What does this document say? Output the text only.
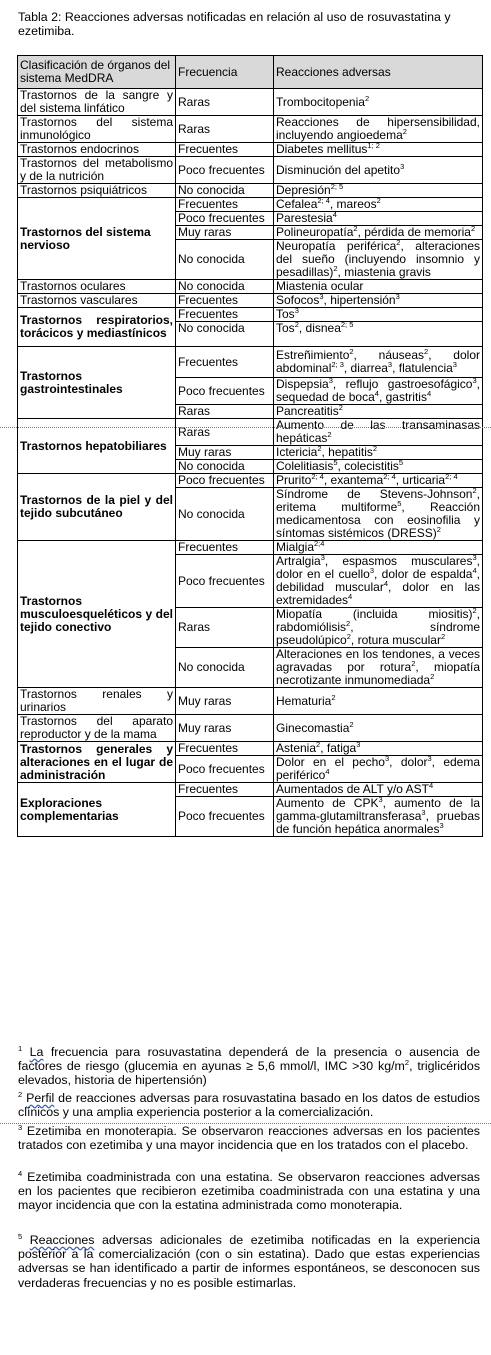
Tabla 2: Reacciones adversas notificadas en relación al uso de rosuvastatina y ezetimiba.
Clasificación de órganos del sistema MedDRA	Frecuencia	Reacciones adversas
Trastornos de la sangre y del sistema linfático	Raras	Trombocitopenia$^2$
Trastornos del sistema inmunológico	Raras	Reacciones de hipersensibilidad, incluyendo angioedema$^2$
Trastornos endocrinos	Frecuentes	Diabetes mellitus$^{1; 2}$
Trastornos del metabolismo y de la nutrición	Poco frecuentes	Disminución del apetito$^3$
Trastornos psiquiátricos	No conocida	Depresión$^{2; 5}$
Trastornos del sistema nervioso	Frecuentes	Cefalea$^{2; 4}$, mareos$^2$
	Poco frecuentes	Parestesia$^4$
	Muy raras	Polineuropatía$^2$, pérdida de memoria$^2$
	No conocida	Neuropatía periférica$^2$, alteraciones del sueño (incluyendo insomnio y pesadillas)$^2$, miastenia gravis
Trastornos oculares	No conocida	Miastenia ocular
Trastornos vasculares	Frecuentes	Sofocos$^3$, hipertensión$^3$
Trastornos respiratorios, torácicos y mediastínicos	Frecuentes	Tos$^3$
	No conocida	Tos$^2$, disnea$^{2; 5}$
Trastornos gastrointestinales	Frecuentes	Estreñimiento$^2$, náuseas$^2$, dolor abdominal$^{2; 3}$, diarrea$^3$, flatulencia$^3$
	Poco frecuentes	Dispepsia$^3$, reflujo gastroesofágico$^3$, sequedad de boca$^4$, gastritis$^4$
	Raras	Pancreatitis$^2$
Trastornos hepatobiliares	Raras	Aumento de las transaminasas hepáticas$^2$
	Muy raras	Ictericia$^2$, hepatitis$^2$
	No conocida	Colelitiasis$^5$, colecistitis$^5$
Trastornos de la piel y del tejido subcutáneo	Poco frecuentes	Prurito$^{2; 4}$, exantema$^{2; 4}$, urticaria$^{2; 4}$
	No conocida	Síndrome de Stevens-Johnson$^2$, eritema multiforme$^5$, Reacción medicamentosa con eosinofilia y síntomas sistémicos (DRESS)$^2$
Trastornos musculoesqueléticos y del tejido conectivo	Frecuentes	Mialgia$^{2;4}$
	Poco frecuentes	Artralgia$^3$, espasmos musculares$^3$, dolor en el cuello$^3$, dolor de espalda$^4$, debilidad muscular$^4$, dolor en las extremidades$^4$
	Raras	Miopatía (incluida miositis)$^2$, rabdomiólisis$^2$, síndrome pseudolúpico$^2$, rotura muscular$^2$
	No conocida	Alteraciones en los tendones, a veces agravadas por rotura$^2$, miopatía necrotizante inmunomediada$^2$
Trastornos renales y urinarios	Muy raras	Hematuria$^2$
Trastornos del aparato reproductor y de la mama	Muy raras	Ginecomastia$^2$
Trastornos generales y alteraciones en el lugar de administración	Frecuentes	Astenia$^2$, fatiga$^3$
	Poco frecuentes	Dolor en el pecho$^3$, dolor$^3$, edema periférico$^4$
Exploraciones complementarias	Frecuentes	Aumentados de ALT y/o AST$^4$
	Poco frecuentes	Aumento de CPK$^3$, aumento de la gamma-glutamiltransferasa$^3$, pruebas de función hepática anormales$^3$
$^1$ La frecuencia para rosuvastatina dependerá de la presencia o ausencia de factores de riesgo (glucemia en ayunas ≥ 5,6 mmol/l, IMC >30 $kg/m^2$, triglicéridos elevados, historia de hipertensión)
$^2$ Perfil de reacciones adversas para rosuvastatina basado en los datos de estudios clínicos y una amplia experiencia posterior a la comercialización.
$^3$ Ezetimiba en monoterapia. Se observaron reacciones adversas en los pacientes tratados con ezetimiba y una mayor incidencia que en los tratados con el placebo.
$^4$ Ezetimiba coadministrada con una estatina. Se observaron reacciones adversas en los pacientes que recibieron ezetimiba coadministrada con una estatina y una mayor incidencia que con la estatina administrada como monoterapia.
$^5$ Reacciones adversas adicionales de ezetimiba notificadas en la experiencia posterior a la comercialización (con o sin estatina). Dado que estas experiencias adversas se han identificado a partir de informes espontáneos, se desconocen sus verdaderas frecuencias y no es posible estimarlas.
